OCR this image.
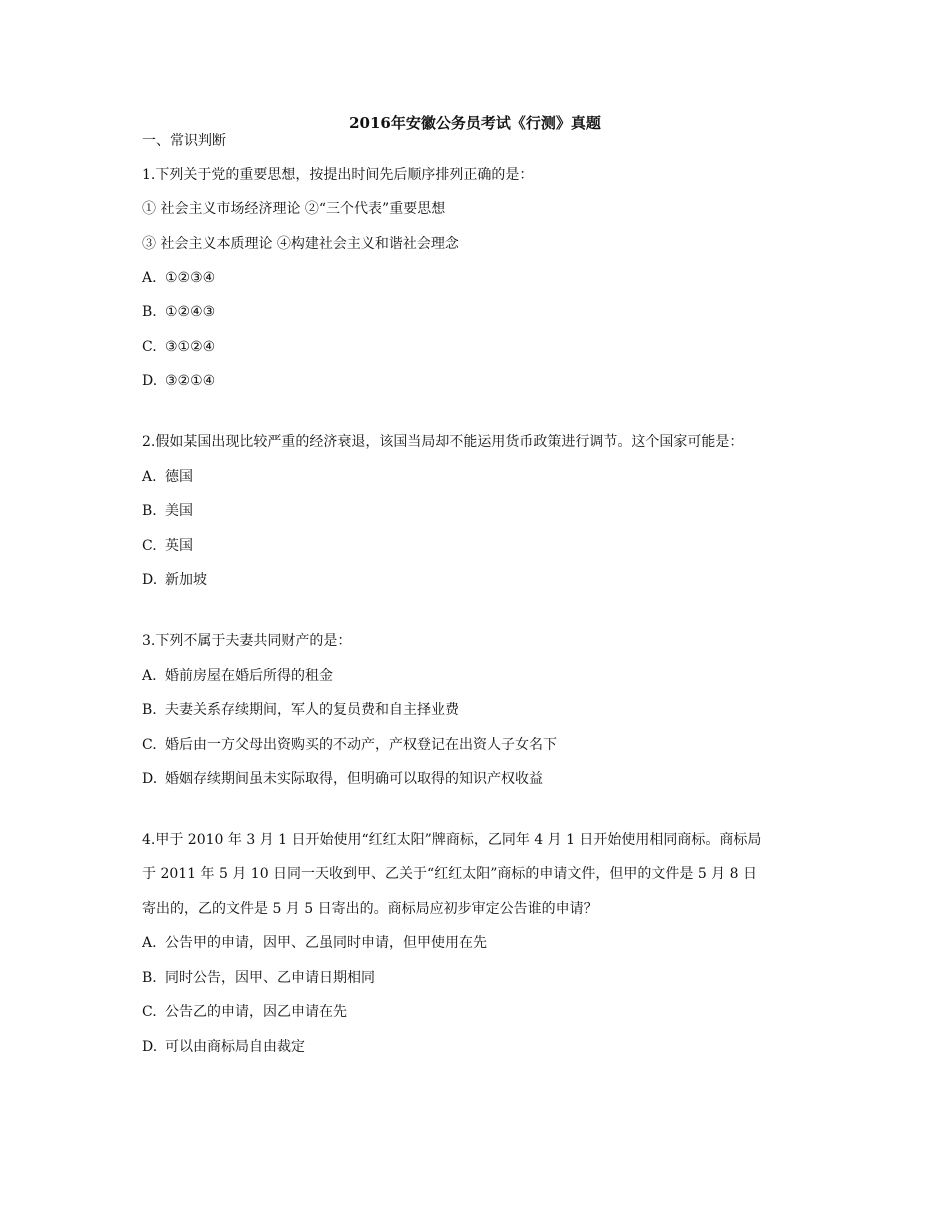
2016年安徽公务员考试《行测》真题
一、常识判断
1.下列关于党的重要思想，按提出时间先后顺序排列正确的是：
① 社会主义市场经济理论 ②“三个代表”重要思想
③ 社会主义本质理论 ④构建社会主义和谐社会理念
A. ①②③④
B. ①②④③
C. ③①②④
D. ③②①④
2.假如某国出现比较严重的经济衰退，该国当局却不能运用货币政策进行调节。这个国家可能是：
A. 德国
B. 美国
C. 英国
D. 新加坡
3.下列不属于夫妻共同财产的是：
A. 婚前房屋在婚后所得的租金
B. 夫妻关系存续期间，军人的复员费和自主择业费
C. 婚后由一方父母出资购买的不动产，产权登记在出资人子女名下
D. 婚姻存续期间虽未实际取得，但明确可以取得的知识产权收益
4.甲于 2010 年 3 月 1 日开始使用“红红太阳”牌商标，乙同年 4 月 1 日开始使用相同商标。商标局
于 2011 年 5 月 10 日同一天收到甲、乙关于“红红太阳”商标的申请文件，但甲的文件是 5 月 8 日
寄出的，乙的文件是 5 月 5 日寄出的。商标局应初步审定公告谁的申请？
A. 公告甲的申请，因甲、乙虽同时申请，但甲使用在先
B. 同时公告，因甲、乙申请日期相同
C. 公告乙的申请，因乙申请在先
D. 可以由商标局自由裁定
